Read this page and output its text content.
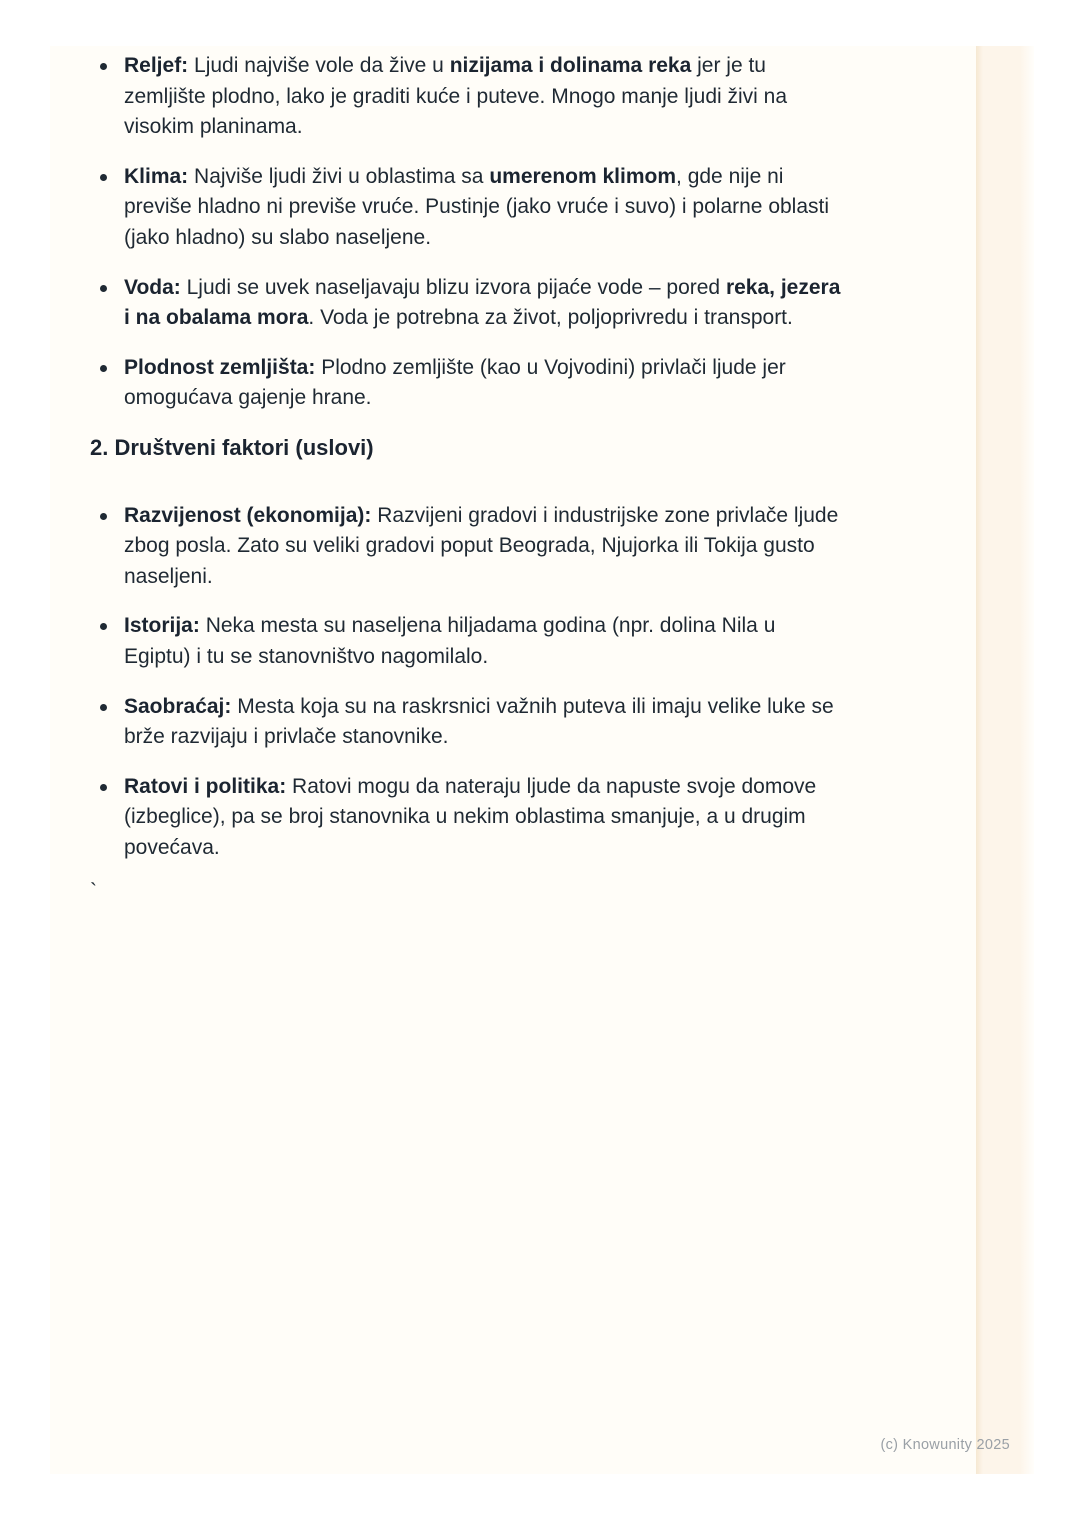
Reljef: Ljudi najviše vole da žive u nizijama i dolinama reka jer je tu zemljište plodno, lako je graditi kuće i puteve. Mnogo manje ljudi živi na visokim planinama.
Klima: Najviše ljudi živi u oblastima sa umerenom klimom, gde nije ni previše hladno ni previše vruće. Pustinje (jako vruće i suvo) i polarne oblasti (jako hladno) su slabo naseljene.
Voda: Ljudi se uvek naseljavaju blizu izvora pijaće vode – pored reka, jezera i na obalama mora. Voda je potrebna za život, poljoprivredu i transport.
Plodnost zemljišta: Plodno zemljište (kao u Vojvodini) privlači ljude jer omogućava gajenje hrane.
2. Društveni faktori (uslovi)
Razvijenost (ekonomija): Razvijeni gradovi i industrijske zone privlače ljude zbog posla. Zato su veliki gradovi poput Beograda, Njujorka ili Tokija gusto naseljeni.
Istorija: Neka mesta su naseljena hiljadama godina (npr. dolina Nila u Egiptu) i tu se stanovništvo nagomilalo.
Saobraćaj: Mesta koja su na raskrsnici važnih puteva ili imaju velike luke se brže razvijaju i privlače stanovnike.
Ratovi i politika: Ratovi mogu da nateraju ljude da napuste svoje domove (izbeglice), pa se broj stanovnika u nekim oblastima smanjuje, a u drugim povećava.

`

(c) Knowunity 2025
